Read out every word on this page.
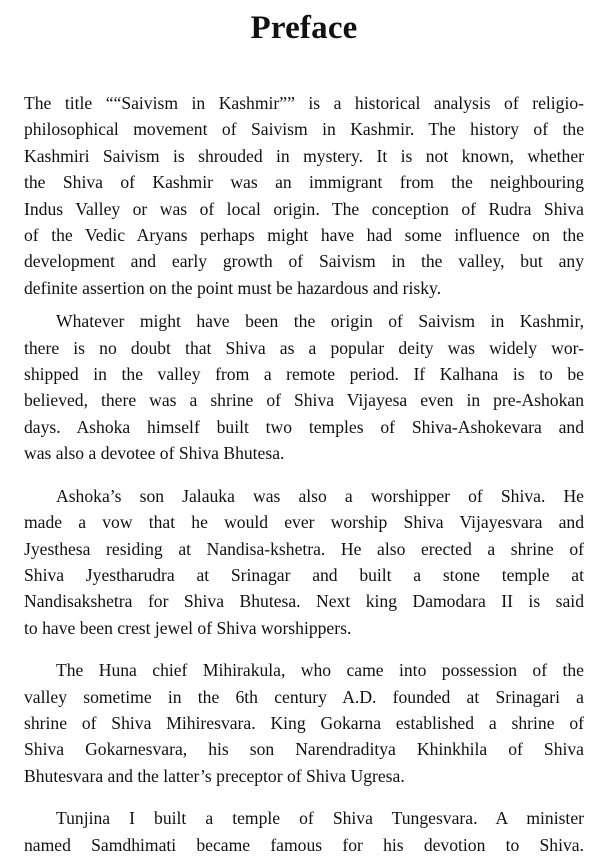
Preface
The title ““Saivism in Kashmir”” is a historical analysis of religio-
philosophical movement of Saivism in Kashmir. The history of the
Kashmiri Saivism is shrouded in mystery. It is not known, whether
the Shiva of Kashmir was an immigrant from the neighbouring
Indus Valley or was of local origin. The conception of Rudra Shiva
of the Vedic Aryans perhaps might have had some influence on the
development and early growth of Saivism in the valley, but any
definite assertion on the point must be hazardous and risky.
Whatever might have been the origin of Saivism in Kashmir,
there is no doubt that Shiva as a popular deity was widely wor-
shipped in the valley from a remote period. If Kalhana is to be
believed, there was a shrine of Shiva Vijayesa even in pre-Ashokan
days. Ashoka himself built two temples of Shiva-Ashokevara and
was also a devotee of Shiva Bhutesa.
Ashoka’s son Jalauka was also a worshipper of Shiva. He
made a vow that he would ever worship Shiva Vijayesvara and
Jyesthesa residing at Nandisa-kshetra. He also erected a shrine of
Shiva Jyestharudra at Srinagar and built a stone temple at
Nandisakshetra for Shiva Bhutesa. Next king Damodara II is said
to have been crest jewel of Shiva worshippers.
The Huna chief Mihirakula, who came into possession of the
valley sometime in the 6th century A.D. founded at Srinagari a
shrine of Shiva Mihiresvara. King Gokarna established a shrine of
Shiva Gokarnesvara, his son Narendraditya Khinkhila of Shiva
Bhutesvara and the latter’s preceptor of Shiva Ugresa.
Tunjina I built a temple of Shiva Tungesvara. A minister
named Samdhimati became famous for his devotion to Shiva.
